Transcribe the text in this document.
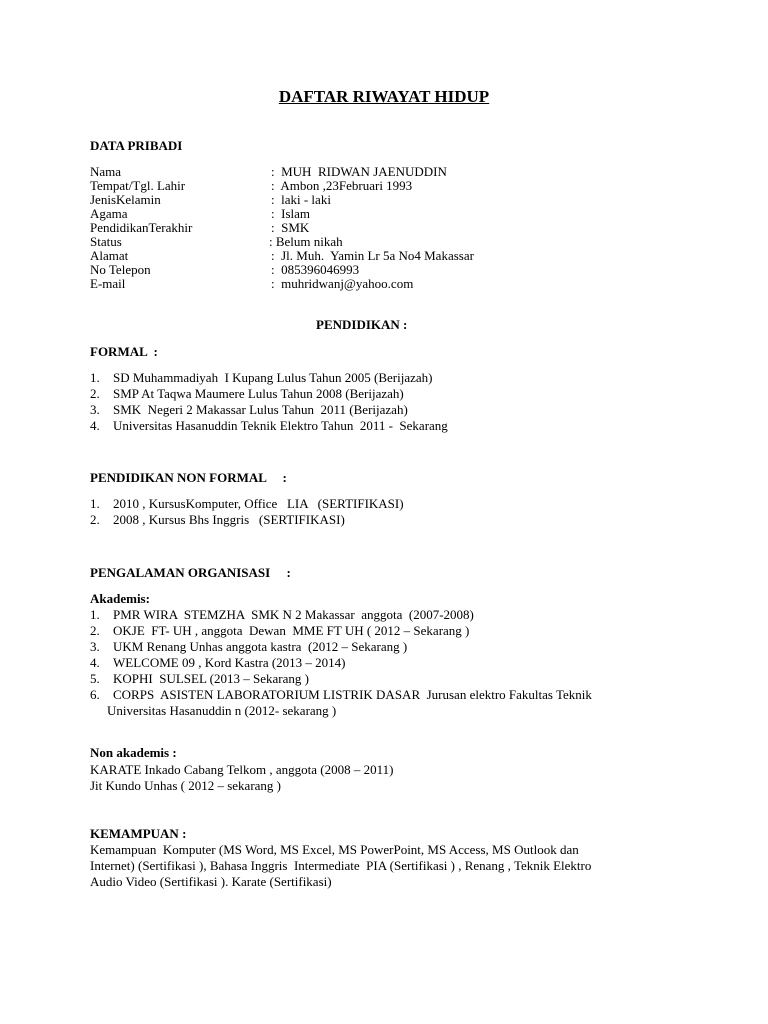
DAFTAR RIWAYAT HIDUP
DATA PRIBADI
Nama	:  MUH  RIDWAN JAENUDDIN
Tempat/Tgl. Lahir	:  Ambon ,23Februari 1993
JenisKelamin	:  laki - laki
Agama	:  Islam
PendidikanTerakhir	:  SMK
Status	: Belum nikah
Alamat	:  Jl. Muh.  Yamin Lr 5a No4 Makassar
No Telepon	:  085396046993
E-mail	:  muhridwanj@yahoo.com
PENDIDIKAN :
FORMAL  :
1. SD Muhammadiyah  I Kupang Lulus Tahun 2005 (Berijazah)
2. SMP At Taqwa Maumere Lulus Tahun 2008 (Berijazah)
3. SMK  Negeri 2 Makassar Lulus Tahun  2011 (Berijazah)
4. Universitas Hasanuddin Teknik Elektro Tahun  2011 -  Sekarang
PENDIDIKAN NON FORMAL     :
1. 2010 , KursusKomputer, Office   LIA   (SERTIFIKASI)
2. 2008 , Kursus Bhs Inggris   (SERTIFIKASI)
PENGALAMAN ORGANISASI     :
Akademis:
1. PMR WIRA  STEMZHA  SMK N 2 Makassar  anggota  (2007-2008)
2. OKJE  FT- UH , anggota  Dewan  MME FT UH ( 2012 – Sekarang )
3. UKM Renang Unhas anggota kastra  (2012 – Sekarang )
4. WELCOME 09 , Kord Kastra (2013 – 2014)
5. KOPHI  SULSEL (2013 – Sekarang )
6. CORPS  ASISTEN LABORATORIUM LISTRIK DASAR  Jurusan elektro Fakultas Teknik
Universitas Hasanuddin n (2012- sekarang )
Non akademis :
KARATE Inkado Cabang Telkom , anggota (2008 – 2011)
Jit Kundo Unhas ( 2012 – sekarang )
KEMAMPUAN :
Kemampuan  Komputer (MS Word, MS Excel, MS PowerPoint, MS Access, MS Outlook dan
Internet) (Sertifikasi ), Bahasa Inggris  Intermediate  PIA (Sertifikasi ) , Renang , Teknik Elektro
Audio Video (Sertifikasi ). Karate (Sertifikasi)
